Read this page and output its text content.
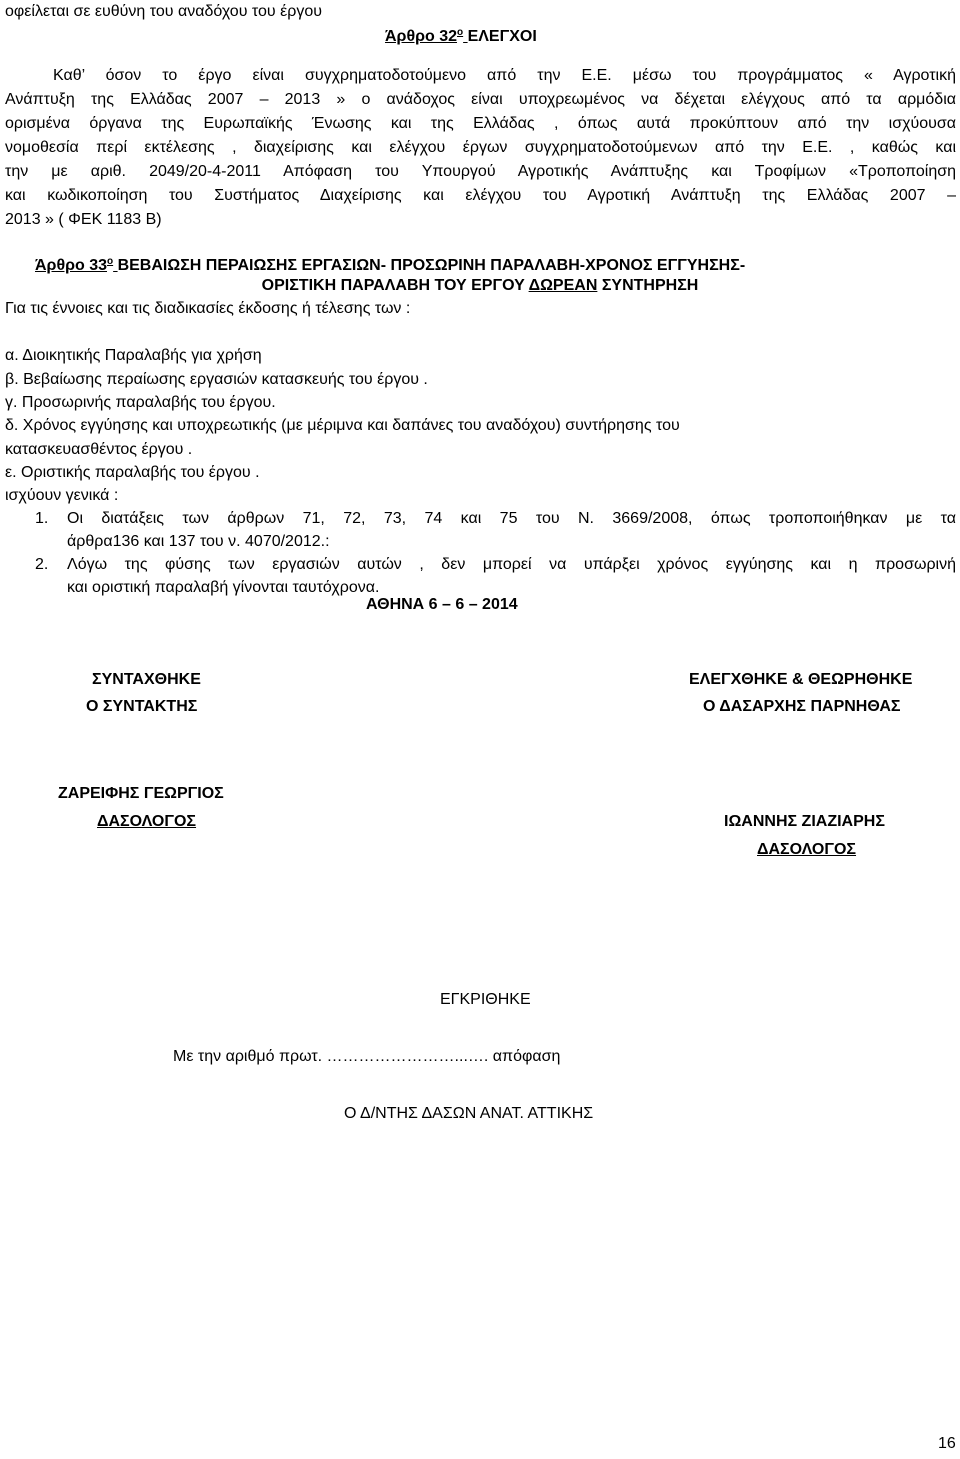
οφείλεται σε ευθύνη του αναδόχου του έργου
Άρθρο $32^o$ ΕΛΕΓΧΟΙ
Καθ’ όσον το έργο είναι συγχρηματοδοτούμενο από την Ε.Ε. μέσω του προγράμματος « Αγροτική
Ανάπτυξη της Ελλάδας 2007 – 2013 » ο ανάδοχος είναι υποχρεωμένος να δέχεται ελέγχους από τα αρμόδια
ορισμένα όργανα της Ευρωπαϊκής Ένωσης και της Ελλάδας , όπως αυτά προκύπτουν από την ισχύουσα
νομοθεσία περί εκτέλεσης , διαχείρισης και ελέγχου έργων συγχρηματοδοτούμενων από την Ε.Ε. , καθώς και
την με αριθ. 2049/20-4-2011 Απόφαση του Υπουργού Αγροτικής Ανάπτυξης και Τροφίμων «Τροποποίηση
και κωδικοποίηση του Συστήματος Διαχείρισης και ελέγχου του Αγροτική Ανάπτυξη της Ελλάδας 2007 –
2013 » ( ΦΕΚ 1183 Β)
Άρθρο $33^o$ ΒΕΒΑΙΩΣΗ ΠΕΡΑΙΩΣΗΣ ΕΡΓΑΣΙΩΝ- ΠΡΟΣΩΡΙΝΗ ΠΑΡΑΛΑΒΗ-ΧΡΟΝΟΣ ΕΓΓΥΗΣΗΣ-
ΟΡΙΣΤΙΚΗ ΠΑΡΑΛΑΒΗ ΤΟΥ ΕΡΓΟΥ ΔΩΡΕΑΝ ΣΥΝΤΗΡΗΣΗ
Για τις έννοιες και τις διαδικασίες έκδοσης ή τέλεσης των :
α. Διοικητικής Παραλαβής για χρήση
β. Βεβαίωσης περαίωσης εργασιών κατασκευής του έργου .
γ. Προσωρινής παραλαβής του έργου.
δ. Χρόνος εγγύησης και υποχρεωτικής (με μέριμνα και δαπάνες του αναδόχου) συντήρησης του
κατασκευασθέντος έργου .
ε. Οριστικής παραλαβής του έργου .
ισχύουν γενικά :
1. Οι διατάξεις των άρθρων 71, 72, 73, 74 και 75 του Ν. 3669/2008, όπως τροποποιήθηκαν με τα
άρθρα136 και 137 του ν. 4070/2012.:
2. Λόγω της φύσης των εργασιών αυτών , δεν μπορεί να υπάρξει χρόνος εγγύησης και η προσωρινή
και οριστική παραλαβή γίνονται ταυτόχρονα.
ΑΘΗΝΑ 6 – 6 – 2014
ΣΥΝΤΑΧΘΗΚΕ
Ο ΣΥΝΤΑΚΤΗΣ
ΕΛΕΓΧΘΗΚΕ & ΘΕΩΡΗΘΗΚΕ
Ο ΔΑΣΑΡΧΗΣ ΠΑΡΝΗΘΑΣ
ΖΑΡΕΙΦΗΣ ΓΕΩΡΓΙΟΣ
ΔΑΣΟΛΟΓΟΣ	ΙΩΑΝΝΗΣ ΖΙΑΖΙΑΡΗΣ
ΔΑΣΟΛΟΓΟΣ
ΕΓΚΡΙΘΗΚΕ
Με την αριθμό πρωτ. ……………………...…. απόφαση
Ο Δ/ΝΤΗΣ ΔΑΣΩΝ ΑΝΑΤ. ΑΤΤΙΚΗΣ
16
